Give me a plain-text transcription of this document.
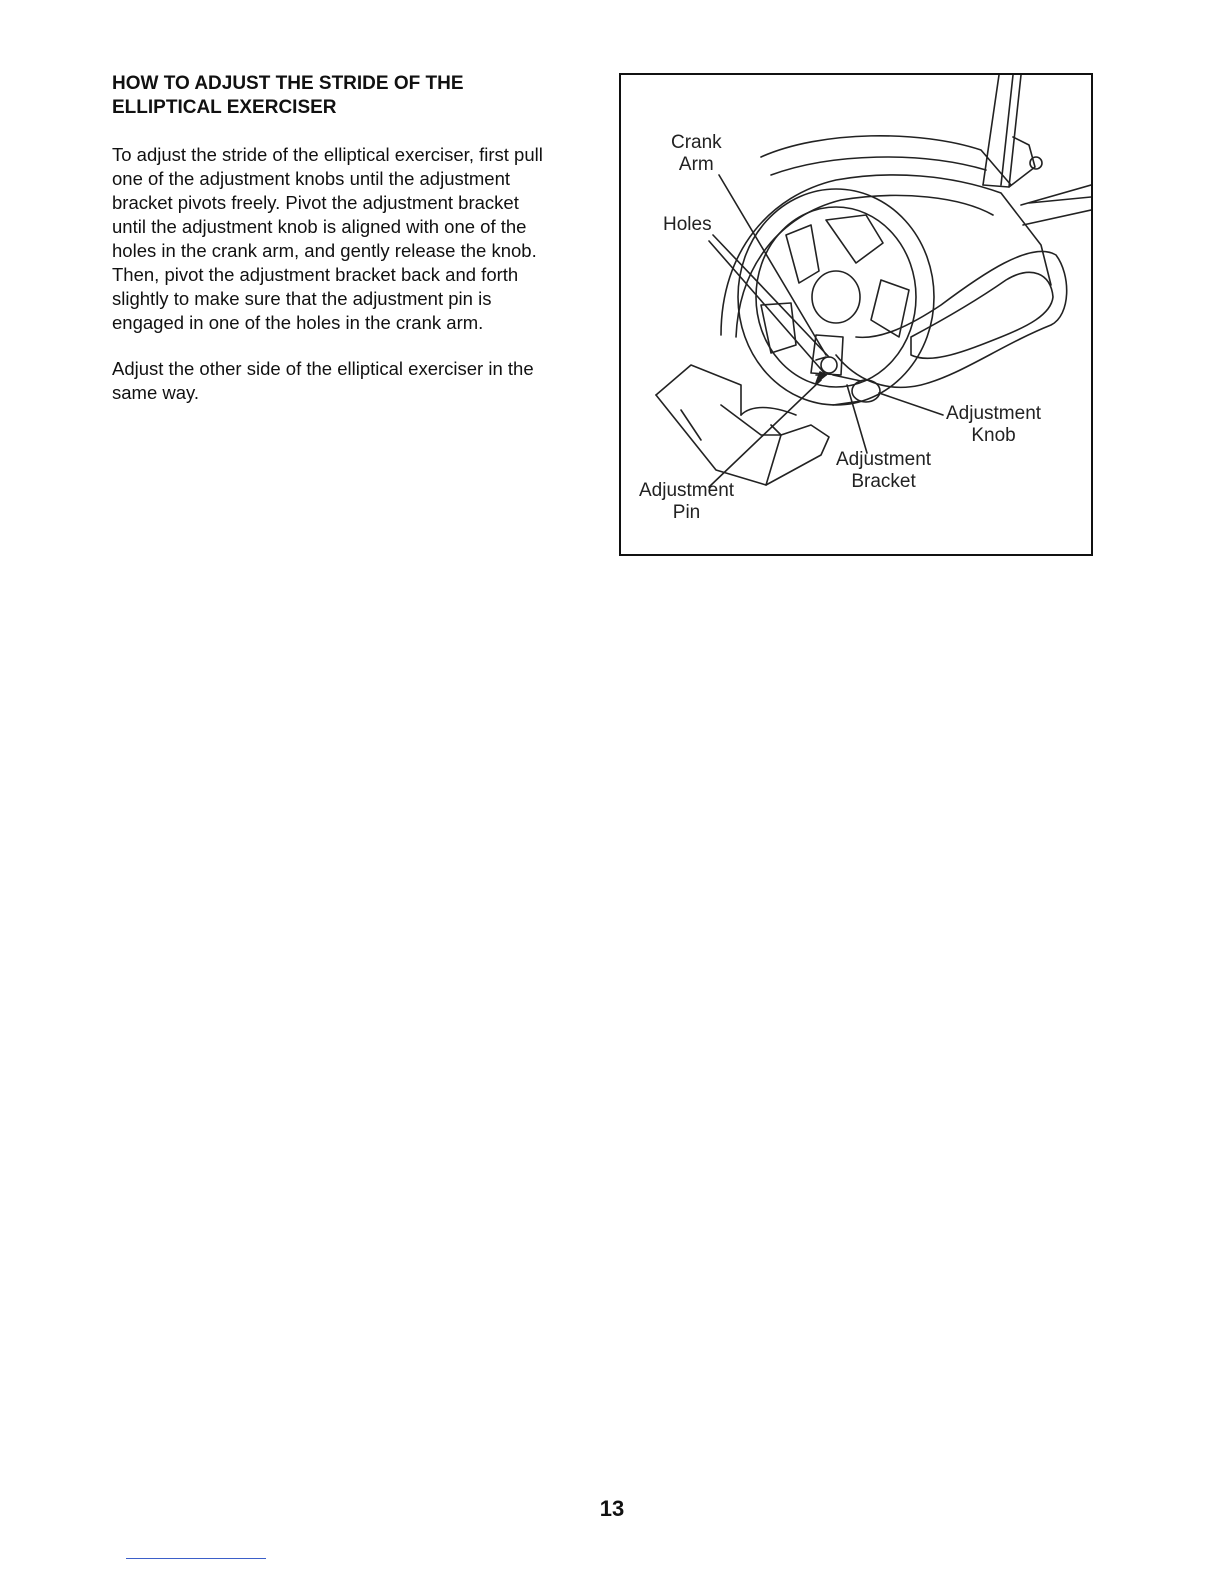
HOW TO ADJUST THE STRIDE OF THE
ELLIPTICAL EXERCISER

To adjust the stride of the elliptical exerciser, first pull
one of the adjustment knobs until the adjustment
bracket pivots freely. Pivot the adjustment bracket
until the adjustment knob is aligned with one of the
holes in the crank arm, and gently release the knob.
Then, pivot the adjustment bracket back and forth
slightly to make sure that the adjustment pin is
engaged in one of the holes in the crank arm.

Adjust the other side of the elliptical exerciser in the
same way.

Crank
Arm
Holes
Adjustment
Knob
Adjustment
Bracket
Adjustment
Pin
13
